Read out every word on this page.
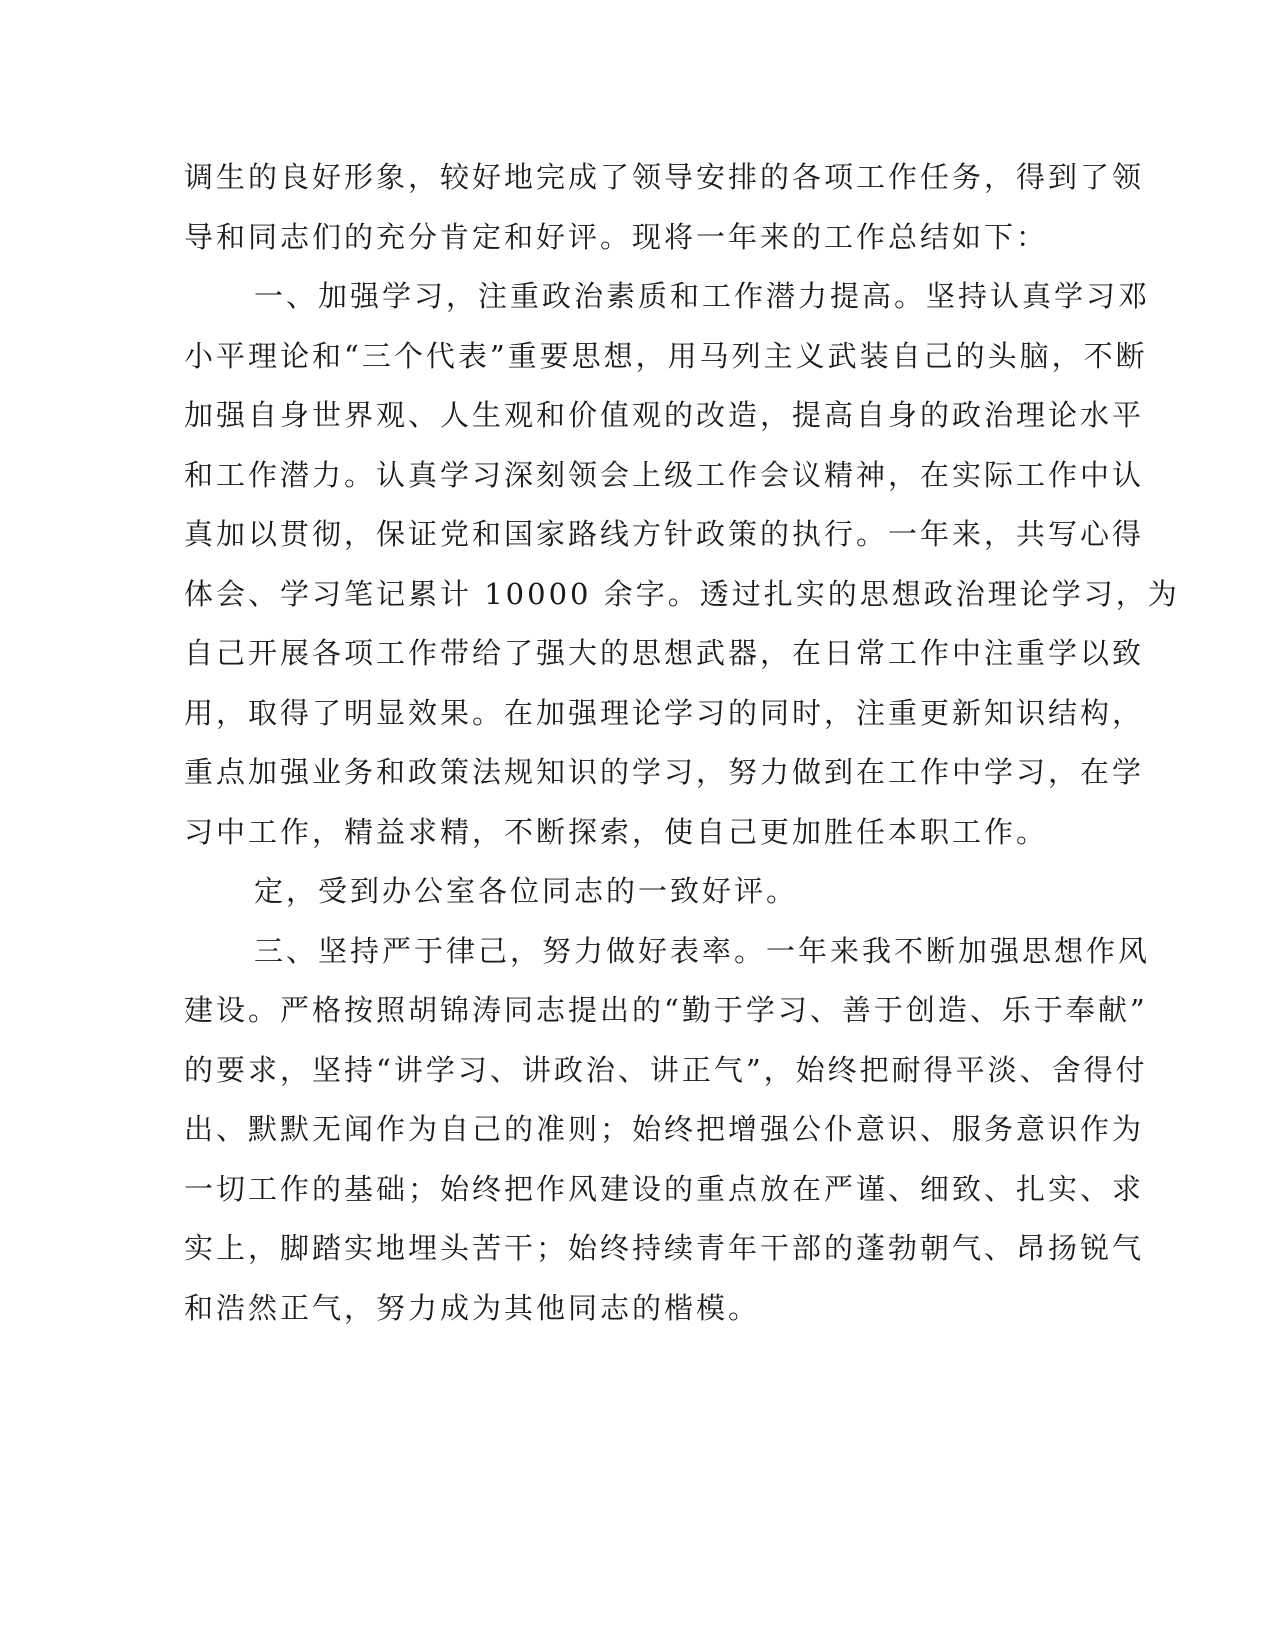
调生的良好形象，较好地完成了领导安排的各项工作任务，得到了领
导和同志们的充分肯定和好评。现将一年来的工作总结如下：
一、加强学习，注重政治素质和工作潜力提高。坚持认真学习邓
小平理论和“三个代表”重要思想，用马列主义武装自己的头脑，不断
加强自身世界观、人生观和价值观的改造，提高自身的政治理论水平
和工作潜力。认真学习深刻领会上级工作会议精神，在实际工作中认
真加以贯彻，保证党和国家路线方针政策的执行。一年来，共写心得
体会、学习笔记累计 10000 余字。透过扎实的思想政治理论学习，为
自己开展各项工作带给了强大的思想武器，在日常工作中注重学以致
用，取得了明显效果。在加强理论学习的同时，注重更新知识结构，
重点加强业务和政策法规知识的学习，努力做到在工作中学习，在学
习中工作，精益求精，不断探索，使自己更加胜任本职工作。
定，受到办公室各位同志的一致好评。
三、坚持严于律己，努力做好表率。一年来我不断加强思想作风
建设。严格按照胡锦涛同志提出的“勤于学习、善于创造、乐于奉献”
的要求，坚持“讲学习、讲政治、讲正气”，始终把耐得平淡、舍得付
出、默默无闻作为自己的准则；始终把增强公仆意识、服务意识作为
一切工作的基础；始终把作风建设的重点放在严谨、细致、扎实、求
实上，脚踏实地埋头苦干；始终持续青年干部的蓬勃朝气、昂扬锐气
和浩然正气，努力成为其他同志的楷模。
